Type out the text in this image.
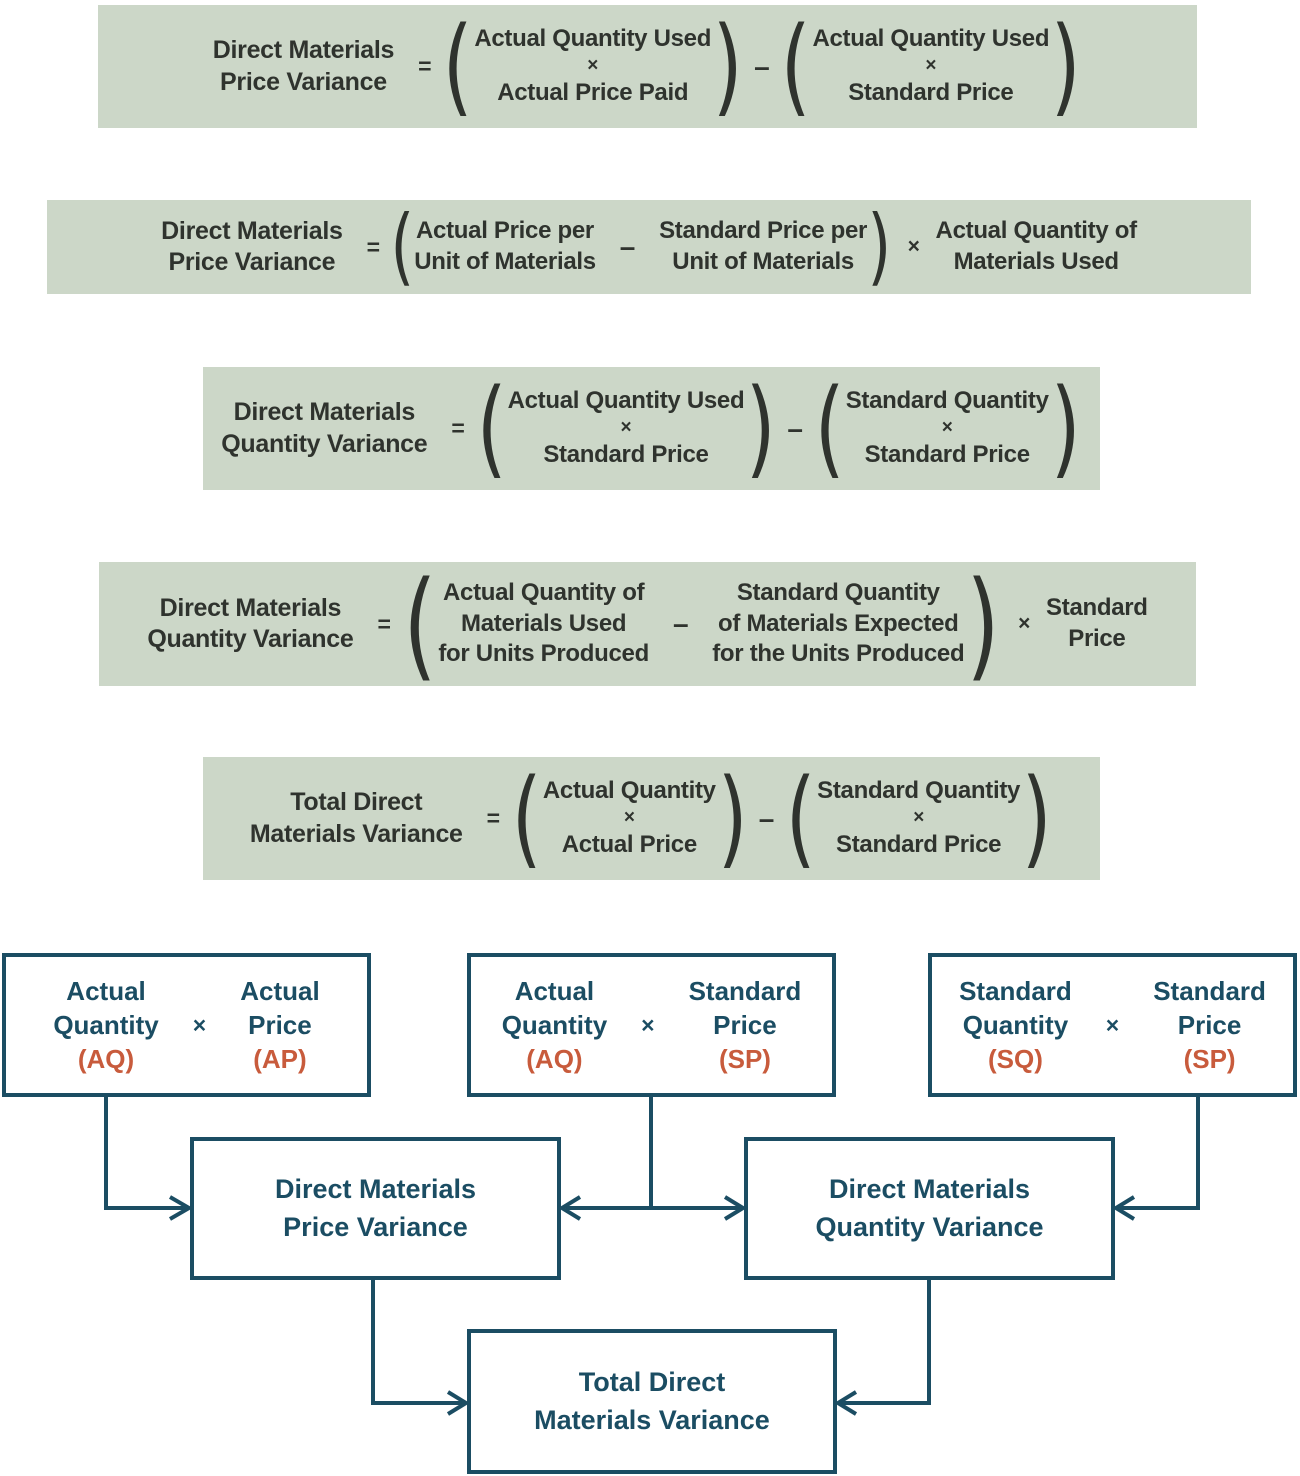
Direct Materials
Price Variance
= ( Actual Quantity Used
×
Actual Price Paid ) – ( Actual Quantity Used
×
Standard Price )
Direct Materials
Price Variance
= ( Actual Price per
Unit of Materials –
Standard Price per
Unit of Materials ) ×
Actual Quantity of
Materials Used
Direct Materials
Quantity Variance
= ( Actual Quantity Used
×
Standard Price ) – ( Standard Quantity
×
Standard Price )
Direct Materials
Quantity Variance
= ( Actual Quantity of
Materials Used
for Units Produced
–
Standard Quantity
of Materials Expected
for the Units Produced ) ×
Standard
Price
Total Direct
Materials Variance
= ( Actual Quantity
×
Actual Price ) – ( Standard Quantity
×
Standard Price )
Actual
Quantity
(AQ)
×
Actual
Price
(AP)
Actual
Quantity
(AQ)
×
Standard
Price
(SP)
Standard
Quantity
(SQ)
×
Standard
Price
(SP)
Direct Materials
Price Variance
Direct Materials
Quantity Variance
Total Direct
Materials Variance
